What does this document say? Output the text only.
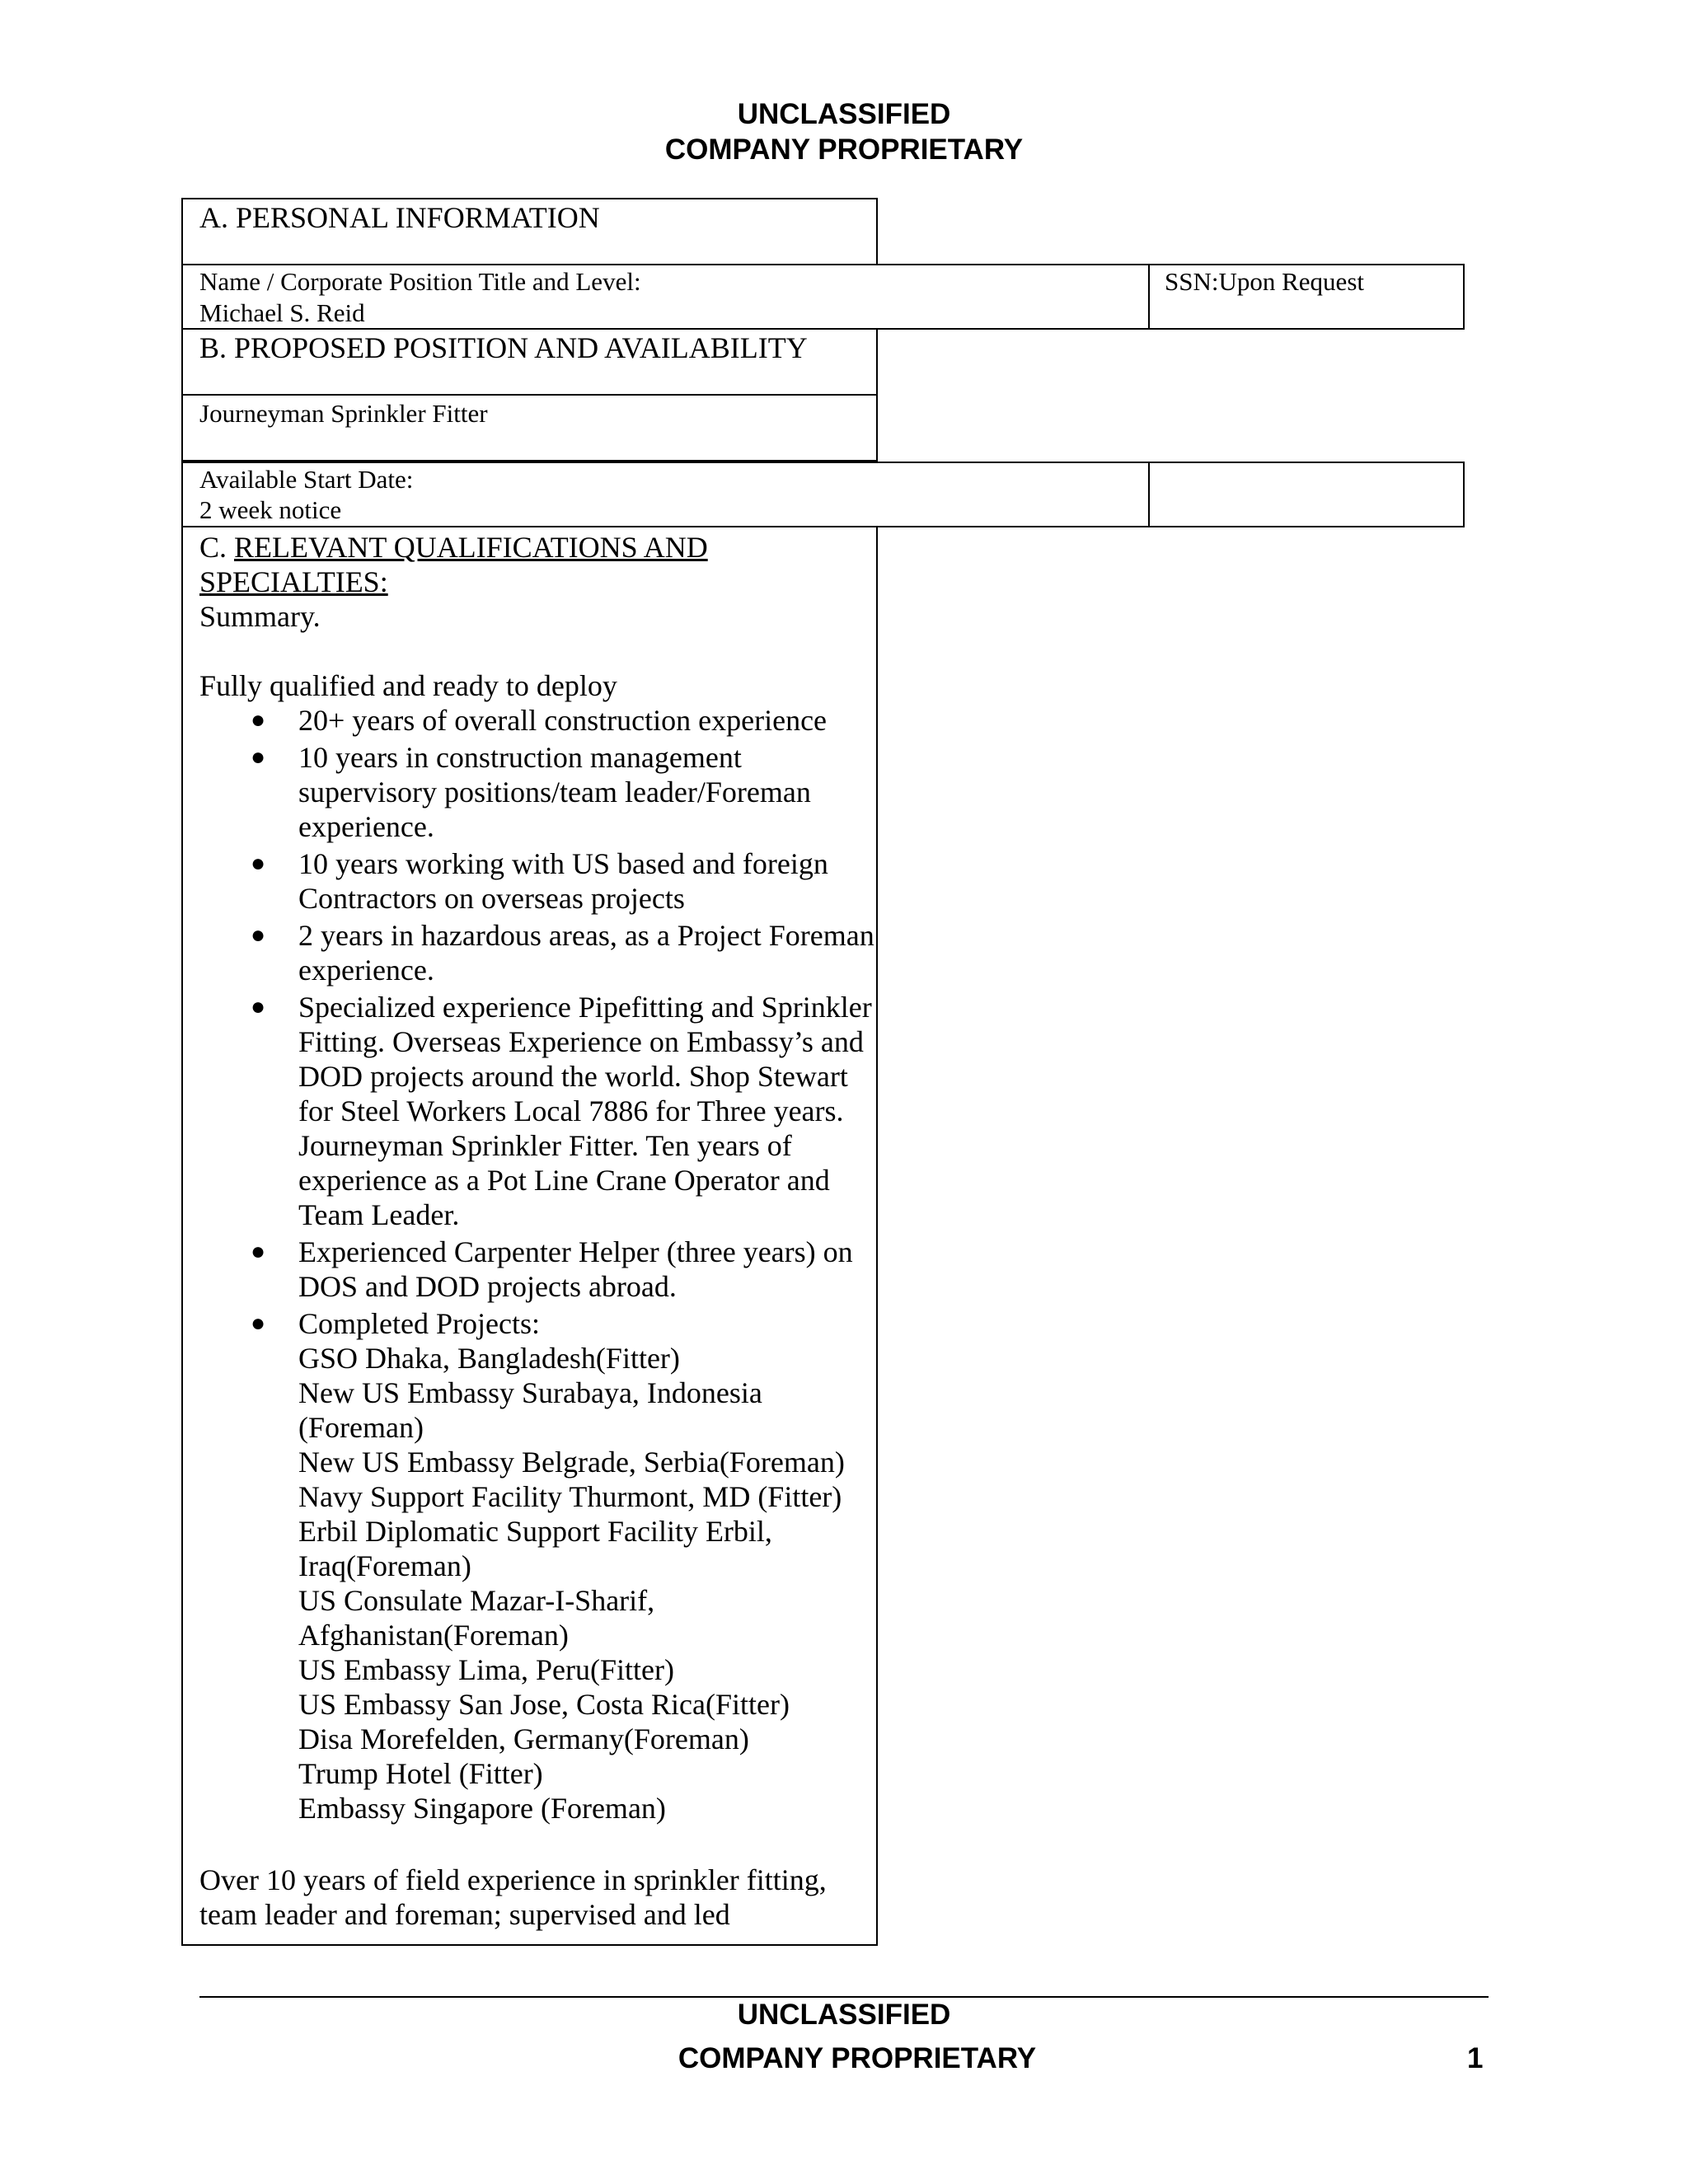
UNCLASSIFIED
COMPANY PROPRIETARY
A. PERSONAL INFORMATION
Name / Corporate Position Title and Level:
Michael S. Reid
SSN:Upon Request
B. PROPOSED POSITION AND AVAILABILITY
Journeyman Sprinkler Fitter
Available Start Date:
2 week notice

C. RELEVANT QUALIFICATIONS AND
SPECIALTIES:

Summary.

Fully qualified and ready to deploy

● 20+ years of overall construction experience
● 10 years in construction management supervisory positions/team leader/Foreman experience.
● 10 years working with US based and foreign Contractors on overseas projects
● 2 years in hazardous areas, as a Project Foreman experience.
● Specialized experience Pipefitting and Sprinkler Fitting. Overseas Experience on Embassy’s and DOD projects around the world. Shop Stewart for Steel Workers Local 7886 for Three years. Journeyman Sprinkler Fitter. Ten years of experience as a Pot Line Crane Operator and Team Leader.
● Experienced Carpenter Helper (three years) on DOS and DOD projects abroad.
● Completed Projects:
GSO Dhaka, Bangladesh(Fitter)
New US Embassy Surabaya, Indonesia (Foreman)
New US Embassy Belgrade, Serbia(Foreman)
Navy Support Facility Thurmont, MD (Fitter)
Erbil Diplomatic Support Facility Erbil, Iraq(Foreman)
US Consulate Mazar-I-Sharif, Afghanistan(Foreman)
US Embassy Lima, Peru(Fitter)
US Embassy San Jose, Costa Rica(Fitter)
Disa Morefelden, Germany(Foreman)
Trump Hotel (Fitter)
Embassy Singapore (Foreman)

Over 10 years of field experience in sprinkler fitting, team leader and foreman; supervised and led

UNCLASSIFIED
COMPANY PROPRIETARY	1
